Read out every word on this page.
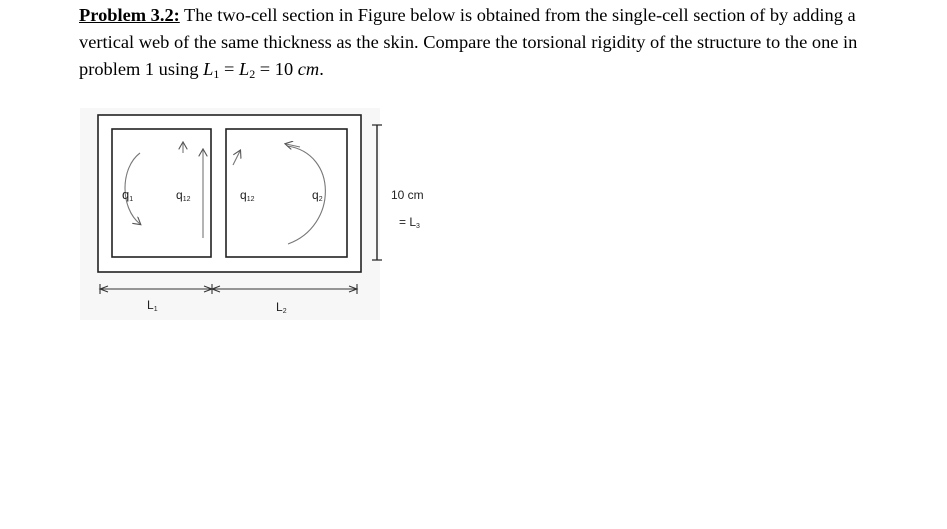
Problem 3.2: The two-cell section in Figure below is obtained from the single-cell section of by adding a vertical web of the same thickness as the skin. Compare the torsional rigidity of the structure to the one in problem 1 using $L_1 = L_2 = 10$ cm.
q1	q12	q12	q2	10 cm
= L3
L1	L2
